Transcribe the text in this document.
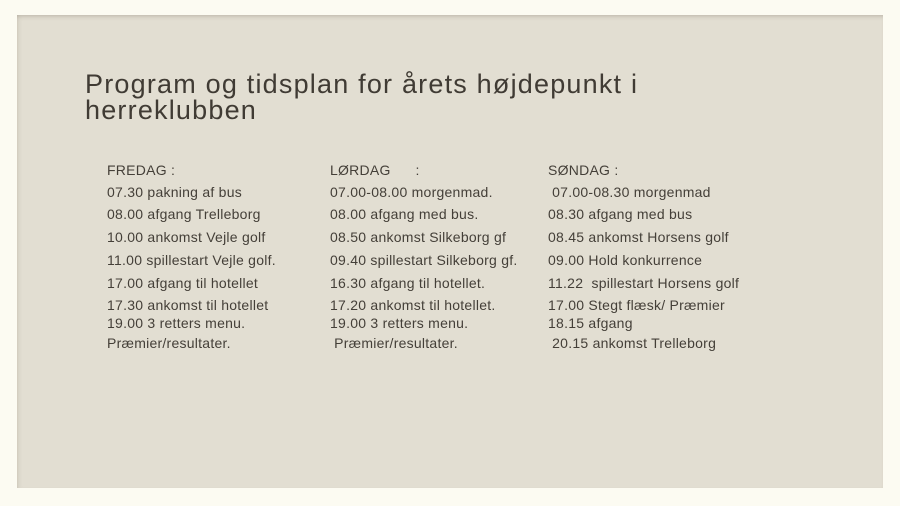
Program og tidsplan for årets højdepunkt i
herreklubben
FREDAG :
07.30 pakning af bus
08.00 afgang Trelleborg
10.00 ankomst Vejle golf
11.00 spillestart Vejle golf.
17.00 afgang til hotellet
17.30 ankomst til hotellet
19.00 3 retters menu.
Præmier/resultater.
LØRDAG      :
07.00-08.00 morgenmad.
08.00 afgang med bus.
08.50 ankomst Silkeborg gf
09.40 spillestart Silkeborg gf.
16.30 afgang til hotellet.
17.20 ankomst til hotellet.
19.00 3 retters menu.
Præmier/resultater.
SØNDAG :
07.00-08.30 morgenmad
08.30 afgang med bus
08.45 ankomst Horsens golf
09.00 Hold konkurrence
11.22  spillestart Horsens golf
17.00 Stegt flæsk/ Præmier
18.15 afgang
20.15 ankomst Trelleborg
